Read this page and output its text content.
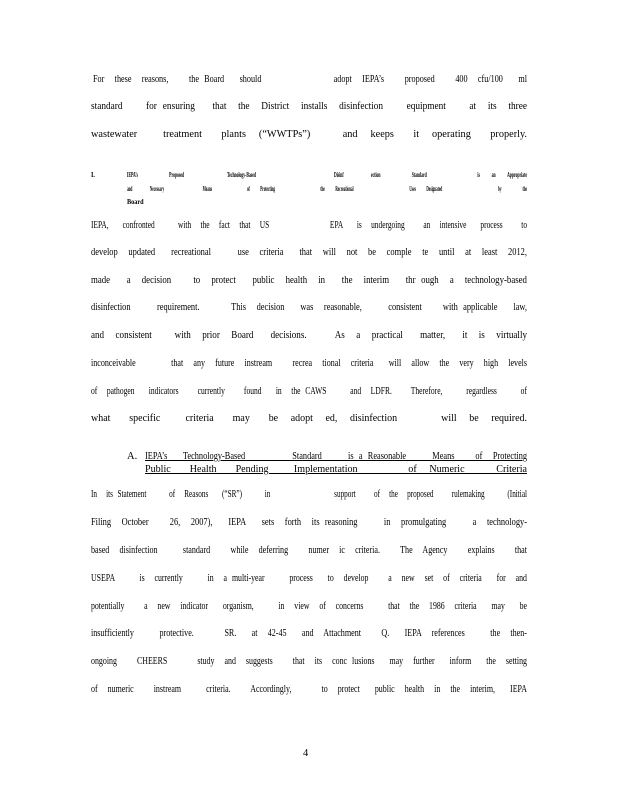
For  these  reasons,    the Board   should              adopt  IEPA’s    proposed    400  cfu/100   ml
standard    for ensuring   that  the  District  installs  disinfection    equipment    at  its  three
wastewater    treatment   plants  (“WWTPs”)     and  keeps   it  operating   properly.
I.	IEPA’s        Proposed           Technology-Based                    Disinf       ection        Standard             is   an   Appropriate
and     Necessary           Means          of   Protecting             the   Recreational                Uses   Designated                by      the
Board
IEPA,   confronted     with  the  fact  that  US             EPA   is  undergoing    an  intensive   process    to
develop  updated   recreational     use  criteria   that  will  not  be  comple  te  until  at  least  2012,
made   a  decision    to  protect   public  health  in   the  interim   thr ough  a  technology-based
disinfection     requirement.      This  decision   was  reasonable,     consistent    with applicable   law,
and  consistent    with  prior  Board   decisions.     As  a  practical   matter,   it  is  virtually
inconceivable       that  any  future  instream    recrea  tional  criteria   will  allow  the  very  high  levels
of  pathogen   indicators    currently    found   in  the CAWS     and  LDFR.    Therefore,     regardless     of
what   specific    criteria   may   be  adopt  ed,  disinfection       will  be  required.
A. IEPA’s   Technology-Based         Standard     is a Reasonable     Means    of  Protecting
Public   Health   Pending    Implementation        of  Numeric     Criteria
In  its Statement     of  Reasons   (“SR”)     in              support    of  the  proposed    rulemaking     (Initial
Filing  October    26,  2007),   IEPA   sets  forth  its reasoning     in  promulgating     a  technology-
based  disinfection     standard    while  deferring    numer  ic  criteria.    The  Agency    explains    that
USEPA     is  currently     in  a multi-year     process   to  develop    a  new  set  of  criteria   for  and
potentially    a  new  indicator   organism,     in  view  of  concerns     that  the  1986  criteria   may   be
insufficiently     protective.      SR.   at  42-45   and  Attachment    Q.   IEPA  references     the  then-
ongoing    CHEERS      study  and  suggests    that  its  conc lusions   may  further   inform   the  setting
of  numeric    instream     criteria.    Accordingly,      to  protect   public  health  in  the  interim,   IEPA
4
